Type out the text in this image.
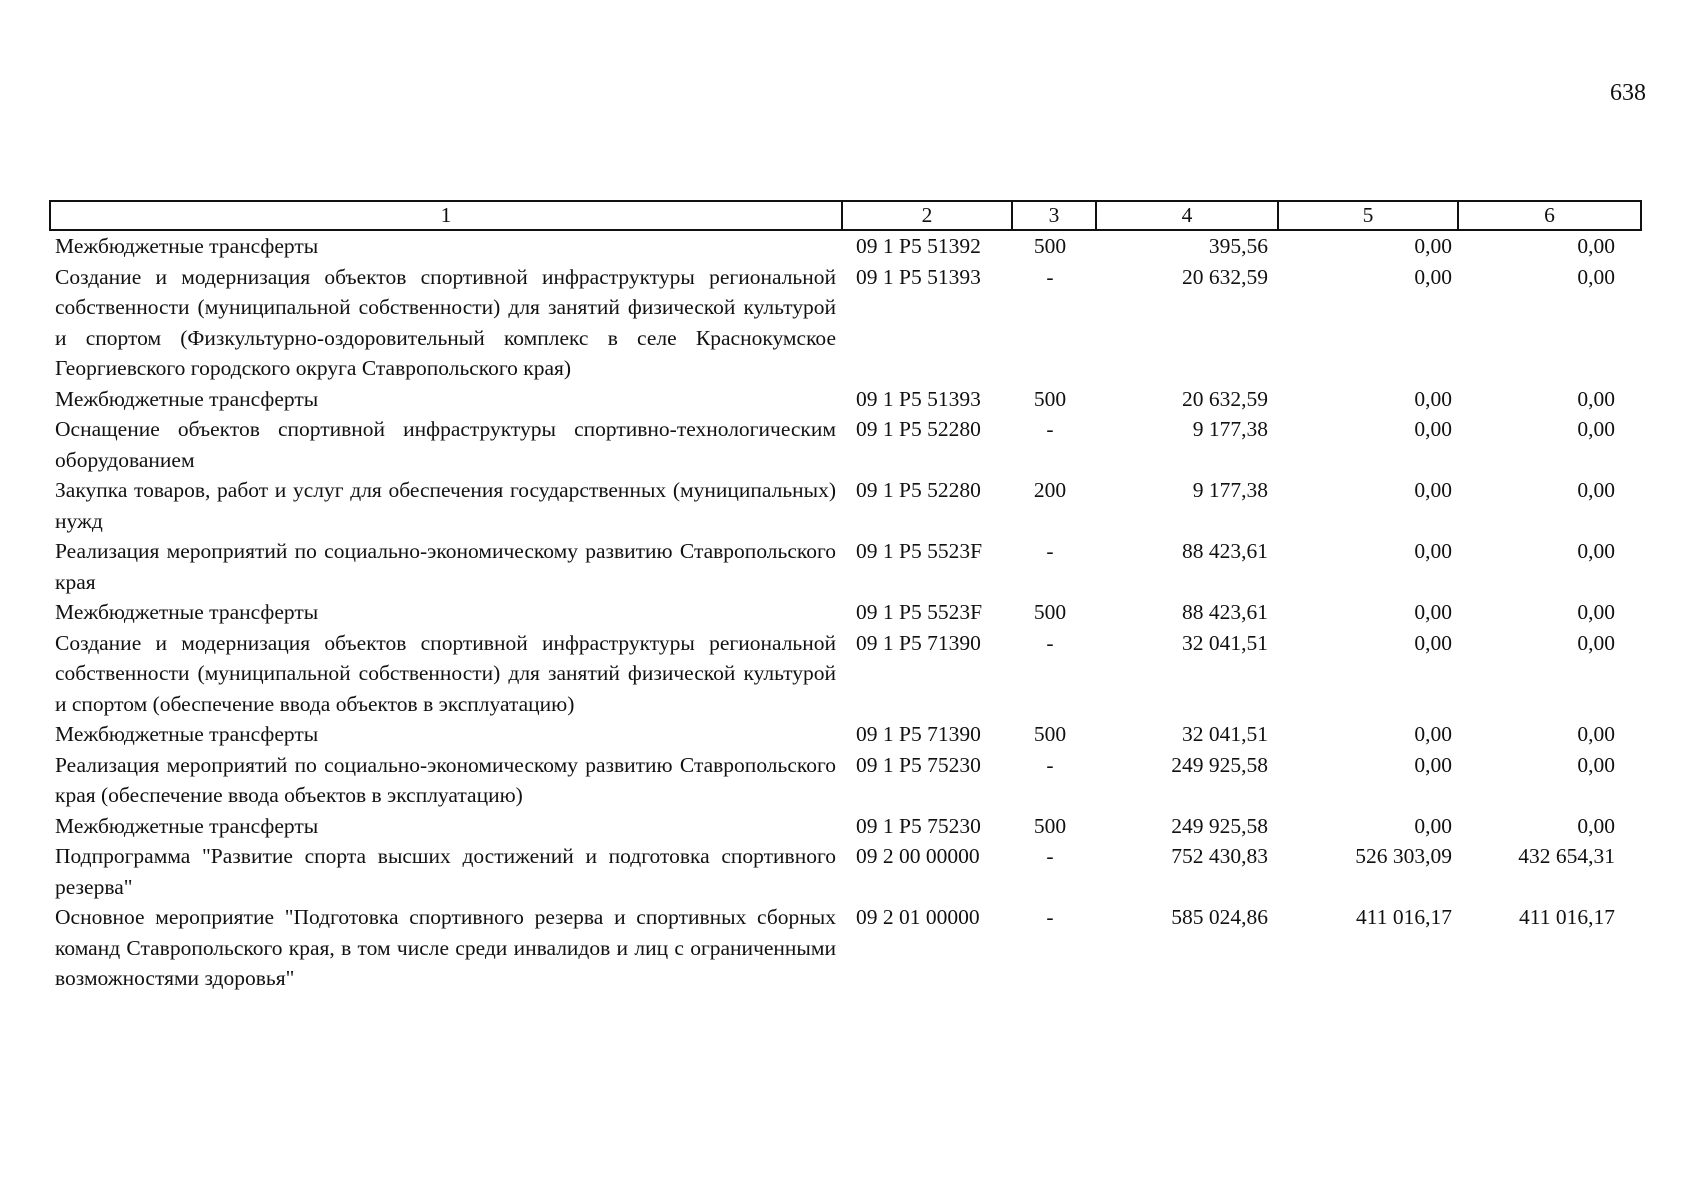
638
1	2	3	4	5	6
Межбюджетные трансферты	09 1 P5 51392	500	395,56	0,00	0,00
Создание и модернизация объектов спортивной инфраструктуры региональной собственности (муниципальной собственности) для занятий физической культурой и спортом (Физкультурно-оздоровительный комплекс в селе Краснокумское Георгиевского городского округа Ставропольского края)	09 1 P5 51393	-	20 632,59	0,00	0,00
Межбюджетные трансферты	09 1 P5 51393	500	20 632,59	0,00	0,00
Оснащение объектов спортивной инфраструктуры спортивно-технологическим оборудованием	09 1 P5 52280	-	9 177,38	0,00	0,00
Закупка товаров, работ и услуг для обеспечения государственных (муниципальных) нужд	09 1 P5 52280	200	9 177,38	0,00	0,00
Реализация мероприятий по социально-экономическому развитию Ставропольского края	09 1 P5 5523F	-	88 423,61	0,00	0,00
Межбюджетные трансферты	09 1 P5 5523F	500	88 423,61	0,00	0,00
Создание и модернизация объектов спортивной инфраструктуры региональной собственности (муниципальной собственности) для занятий физической культурой и спортом (обеспечение ввода объектов в эксплуатацию)	09 1 P5 71390	-	32 041,51	0,00	0,00
Межбюджетные трансферты	09 1 P5 71390	500	32 041,51	0,00	0,00
Реализация мероприятий по социально-экономическому развитию Ставропольского края (обеспечение ввода объектов в эксплуатацию)	09 1 P5 75230	-	249 925,58	0,00	0,00
Межбюджетные трансферты	09 1 P5 75230	500	249 925,58	0,00	0,00
Подпрограмма "Развитие спорта высших достижений и подготовка спортивного резерва"	09 2 00 00000	-	752 430,83	526 303,09	432 654,31
Основное мероприятие "Подготовка спортивного резерва и спортивных сборных команд Ставропольского края, в том числе среди инвалидов и лиц с ограниченными возможностями здоровья"	09 2 01 00000	-	585 024,86	411 016,17	411 016,17
